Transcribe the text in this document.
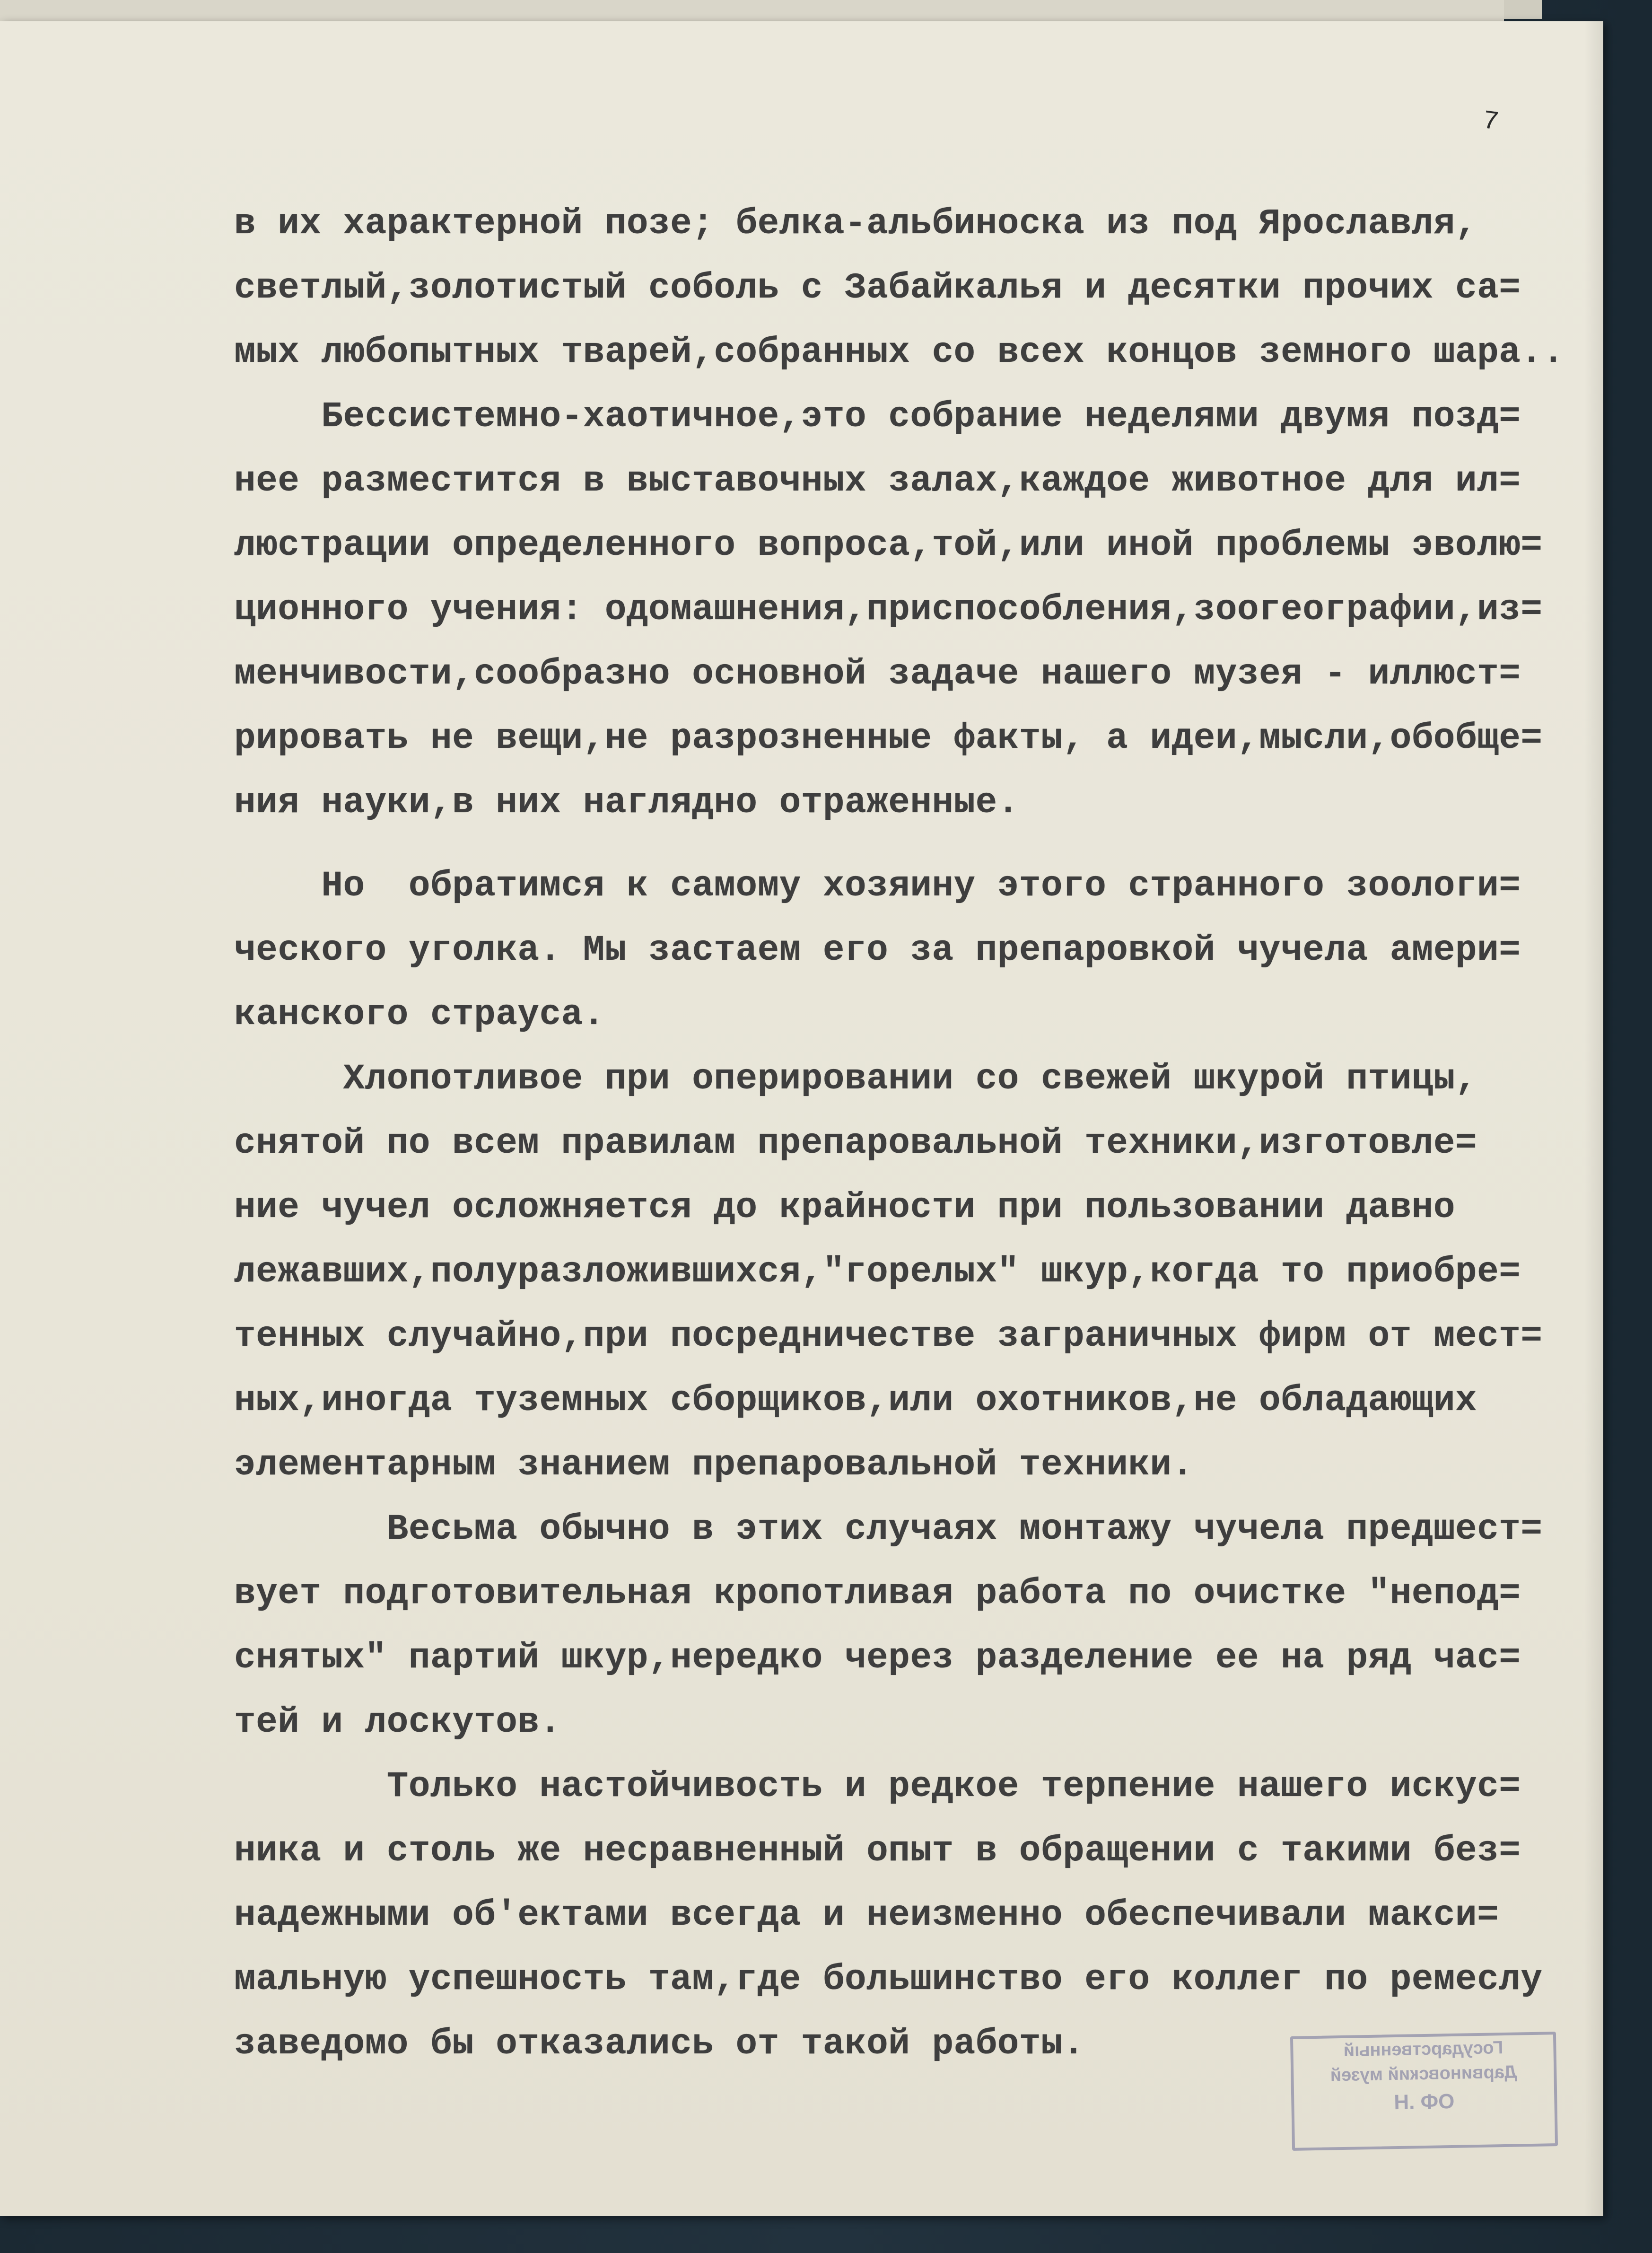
7
в их характерной позе; белка-альбиноска из под Ярославля,
светлый,золотистый соболь с Забайкалья и десятки прочих са=
мых любопытных тварей,собранных со всех концов земного шара..
Бессистемно-хаотичное,это собрание неделями двумя позд=
нее разместится в выставочных залах,каждое животное для ил=
люстрации определенного вопроса,той,или иной проблемы эволю=
ционного учения: одомашнения,приспособления,зоогеографии,из=
менчивости,сообразно основной задаче нашего музея - иллюст=
рировать не вещи,не разрозненные факты, а идеи,мысли,обобще=
ния науки,в них наглядно отраженные.
Но  обратимся к самому хозяину этого странного зоологи=
ческого уголка. Мы застаем его за препаровкой чучела амери=
канского страуса.
Хлопотливое при оперировании со свежей шкурой птицы,
снятой по всем правилам препаровальной техники,изготовле=
ние чучел осложняется до крайности при пользовании давно
лежавших,полуразложившихся,"горелых" шкур,когда то приобре=
тенных случайно,при посредничестве заграничных фирм от мест=
ных,иногда туземных сборщиков,или охотников,не обладающих
элементарным знанием препаровальной техники.
Весьма обычно в этих случаях монтажу чучела предшест=
вует подготовительная кропотливая работа по очистке "непод=
снятых" партий шкур,нередко через разделение ее на ряд час=
тей и лоскутов.
Только настойчивость и редкое терпение нашего искус=
ника и столь же несравненный опыт в обращении с такими без=
надежными об'ектами всегда и неизменно обеспечивали макси=
мальную успешность там,где большинство его коллег по ремеслу
заведомо бы отказались от такой работы.	Государственный
Дарвиновский музей
Н. ФО
